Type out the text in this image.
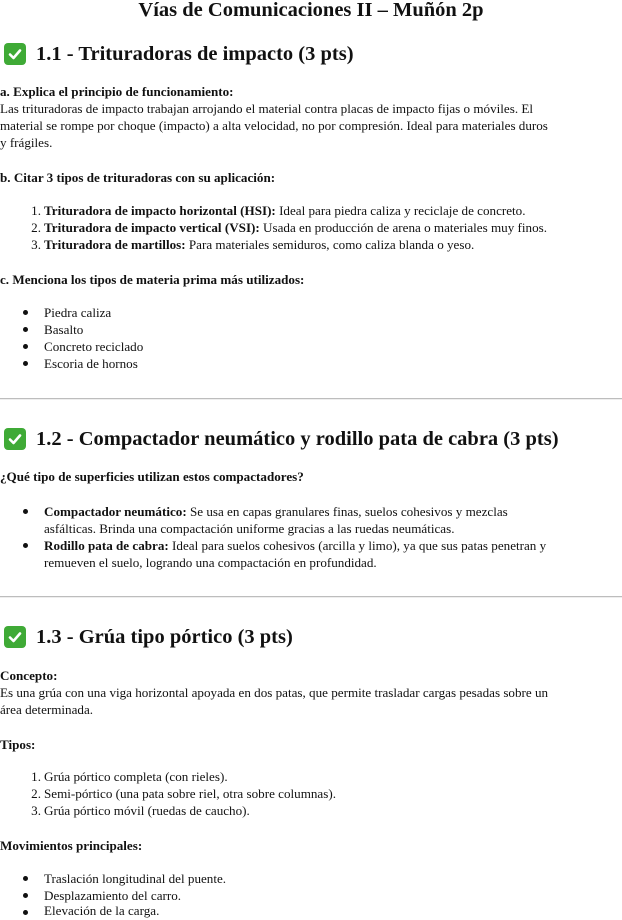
Vías de Comunicaciones II – Muñón 2p
1.1 - Trituradoras de impacto (3 pts)
a. Explica el principio de funcionamiento:
Las trituradoras de impacto trabajan arrojando el material contra placas de impacto fijas o móviles. El
material se rompe por choque (impacto) a alta velocidad, no por compresión. Ideal para materiales duros
y frágiles.
b. Citar 3 tipos de trituradoras con su aplicación:
1. Trituradora de impacto horizontal (HSI): Ideal para piedra caliza y reciclaje de concreto.
2. Trituradora de impacto vertical (VSI): Usada en producción de arena o materiales muy finos.
3. Trituradora de martillos: Para materiales semiduros, como caliza blanda o yeso.
c. Menciona los tipos de materia prima más utilizados:
Piedra caliza
Basalto
Concreto reciclado
Escoria de hornos
1.2 - Compactador neumático y rodillo pata de cabra (3 pts)
¿Qué tipo de superficies utilizan estos compactadores?
Compactador neumático: Se usa en capas granulares finas, suelos cohesivos y mezclas
asfálticas. Brinda una compactación uniforme gracias a las ruedas neumáticas.
Rodillo pata de cabra: Ideal para suelos cohesivos (arcilla y limo), ya que sus patas penetran y
remueven el suelo, logrando una compactación en profundidad.
1.3 - Grúa tipo pórtico (3 pts)
Concepto:
Es una grúa con una viga horizontal apoyada en dos patas, que permite trasladar cargas pesadas sobre un
área determinada.
Tipos:
1. Grúa pórtico completa (con rieles).
2. Semi-pórtico (una pata sobre riel, otra sobre columnas).
3. Grúa pórtico móvil (ruedas de caucho).
Movimientos principales:
Traslación longitudinal del puente.
Desplazamiento del carro.
Elevación de la carga.
